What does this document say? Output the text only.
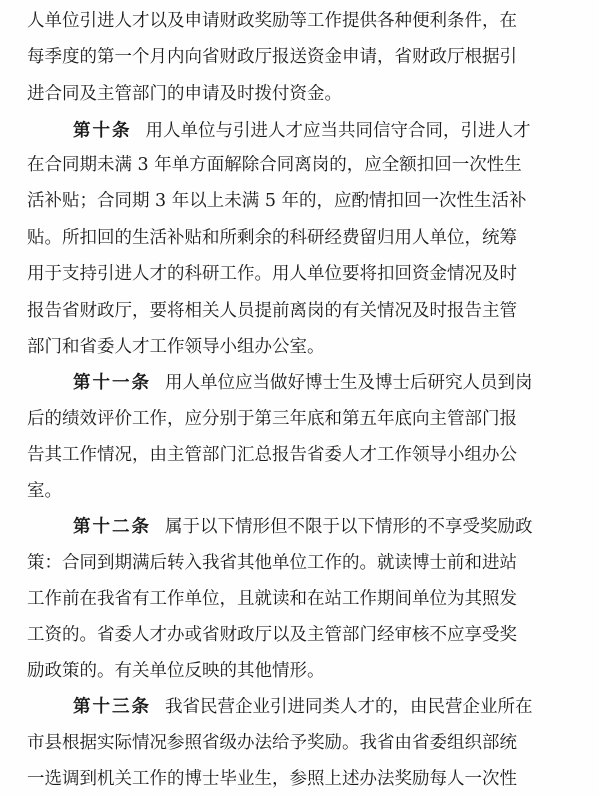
人单位引进人才以及申请财政奖励等工作提供各种便利条件，在
每季度的第一个月内向省财政厅报送资金申请，省财政厅根据引
进合同及主管部门的申请及时拨付资金。
第十条 用人单位与引进人才应当共同信守合同，引进人才
在合同期未满 3 年单方面解除合同离岗的，应全额扣回一次性生
活补贴；合同期 3 年以上未满 5 年的，应酌情扣回一次性生活补
贴。所扣回的生活补贴和所剩余的科研经费留归用人单位，统筹
用于支持引进人才的科研工作。用人单位要将扣回资金情况及时
报告省财政厅，要将相关人员提前离岗的有关情况及时报告主管
部门和省委人才工作领导小组办公室。
第十一条 用人单位应当做好博士生及博士后研究人员到岗
后的绩效评价工作，应分别于第三年底和第五年底向主管部门报
告其工作情况，由主管部门汇总报告省委人才工作领导小组办公
室。
第十二条 属于以下情形但不限于以下情形的不享受奖励政
策：合同到期满后转入我省其他单位工作的。就读博士前和进站
工作前在我省有工作单位，且就读和在站工作期间单位为其照发
工资的。省委人才办或省财政厅以及主管部门经审核不应享受奖
励政策的。有关单位反映的其他情形。
第十三条 我省民营企业引进同类人才的，由民营企业所在
市县根据实际情况参照省级办法给予奖励。我省由省委组织部统
一选调到机关工作的博士毕业生，参照上述办法奖励每人一次性
